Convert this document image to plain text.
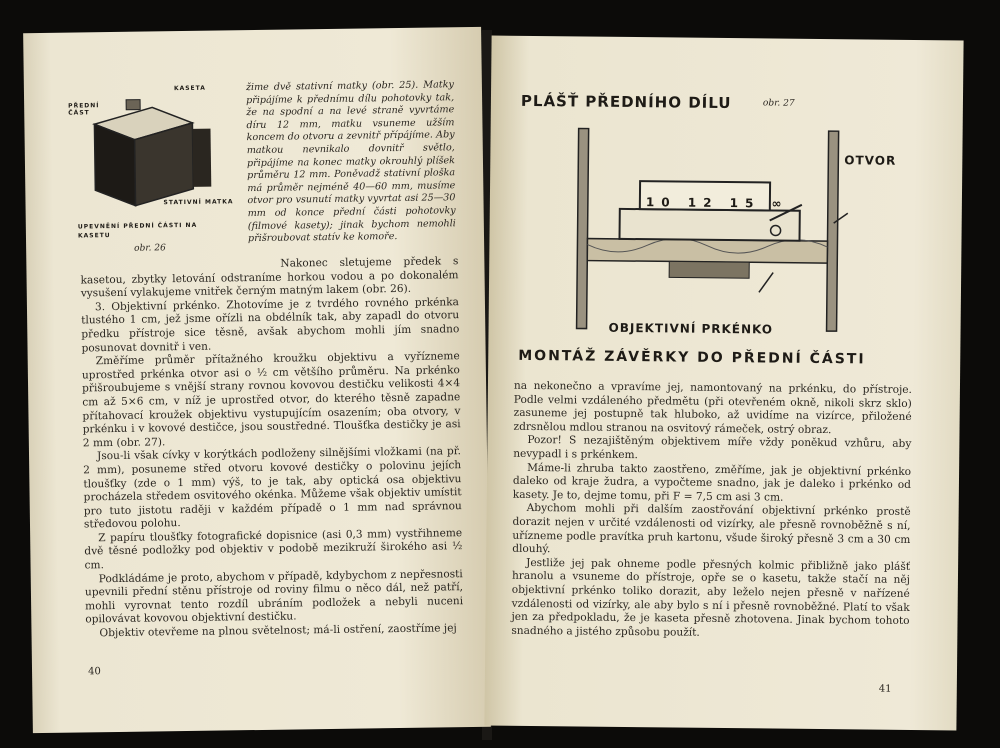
PŘEDNÍ ČÁST
KASETA
STATIVNÍ MATKA
UPEVNĚNÍ PŘEDNÍ ČÁSTI NA KASETU
obr. 26

žime dvě stativní matky (obr. 25). Matky připájíme k přednímu dílu pohotovky tak, že na spodní a na levé straně vyvrtáme díru 12 mm, matku vsuneme užším koncem do otvoru a zevnitř přípájíme. Aby matkou nevnikalo dovnitř světlo, připájíme na konec matky okrouhlý plíšek průměru 12 mm. Poněvadž stativní ploška má průměr nejméně 40—60 mm, musíme otvor pro vsunutí matky vyvrtat asi 25—30 mm od konce přední části pohotovky (filmové kasety); jinak bychom nemohli přišroubovat statív ke komoře.

Nakonec sletujeme předek s kasetou, zbytky letování odstraníme horkou vodou a po dokonalém vysušení vylakujeme vnitřek černým matným lakem (obr. 26).

3. Objektivní prkénko. Zhotovíme je z tvrdého rovného prkénka tlustého 1 cm, jež jsme ořízli na obdélník tak, aby zapadl do otvoru předku přístroje sice těsně, avšak abychom mohli jím snadno posunovat dovnitř i ven.

Změříme průměr přítažného kroužku objektivu a vyřízneme uprostřed prkénka otvor asi o ½ cm většího průměru. Na prkénko přišroubujeme s vnější strany rovnou kovovou destičku velikosti 4×4 cm až 5×6 cm, v níž je uprostřed otvor, do kterého těsně zapadne přítahovací kroužek objektivu vystupujícím osazením; oba otvory, v prkénku i v kovové destičce, jsou soustředné. Tloušťka destičky je asi 2 mm (obr. 27).

Jsou-li však cívky v korýtkách podloženy silnějšími vložkami (na př. 2 mm), posuneme střed otvoru kovové destičky o polovinu jejích tloušťky (zde o 1 mm) výš, to je tak, aby optická osa objektivu procházela středem osvitového okénka. Můžeme však objektiv umístit pro tuto jistotu raději v každém případě o 1 mm nad správnou středovou polohu.

Z papíru tloušťky fotografické dopisnice (asi 0,3 mm) vystřihneme dvě těsné podložky pod objektiv v podobě mezikruží širokého asi ½ cm.

Podkládáme je proto, abychom v případě, kdybychom z nepřesnosti upevnili přední stěnu přístroje od roviny filmu o něco dál, než patří, mohli vyrovnat tento rozdíl ubráním podložek a nebyli nuceni opilovávat kovovou objektivní destičku.

Objektiv otevřeme na plnou světelnost; má-li ostření, zaostříme jej

40
PLÁŠŤ PŘEDNÍHO DÍLU	obr. 27
10 12 15 ∞
OTVOR
OBJEKTIVNÍ PRKÉNKO
MONTÁŽ ZÁVĚRKY DO PŘEDNÍ ČÁSTI

na nekonečno a vpravíme jej, namontovaný na prkénku, do přístroje. Podle velmi vzdáleného předmětu (při otevřeném okně, nikoli skrz sklo) zasuneme jej postupně tak hluboko, až uvidíme na vizírce, přiložené zdrsnělou mdlou stranou na osvitový rámeček, ostrý obraz.

Pozor! S nezajištěným objektivem míře vždy poněkud vzhůru, aby nevypadl i s prkénkem.

Máme-li zhruba takto zaostřeno, změříme, jak je objektivní prkénko daleko od kraje žudra, a vypočteme snadno, jak je daleko i prkénko od kasety. Je to, dejme tomu, při F = 7,5 cm asi 3 cm.

Abychom mohli při dalším zaostřování objektivní prkénko prostě dorazit nejen v určité vzdálenosti od vizírky, ale přesně rovnoběžně s ní, uřízneme podle pravítka pruh kartonu, všude široký přesně 3 cm a 30 cm dlouhý.

Jestliže jej pak ohneme podle přesných kolmic přibližně jako plášť hranolu a vsuneme do přístroje, opře se o kasetu, takže stačí na něj objektivní prkénko toliko dorazit, aby leželo nejen přesně v nařízené vzdálenosti od vizírky, ale aby bylo s ní i přesně rovnoběžné. Platí to však jen za předpokladu, že je kaseta přesně zhotovena. Jinak bychom tohoto snadného a jistého způsobu použít.

41
